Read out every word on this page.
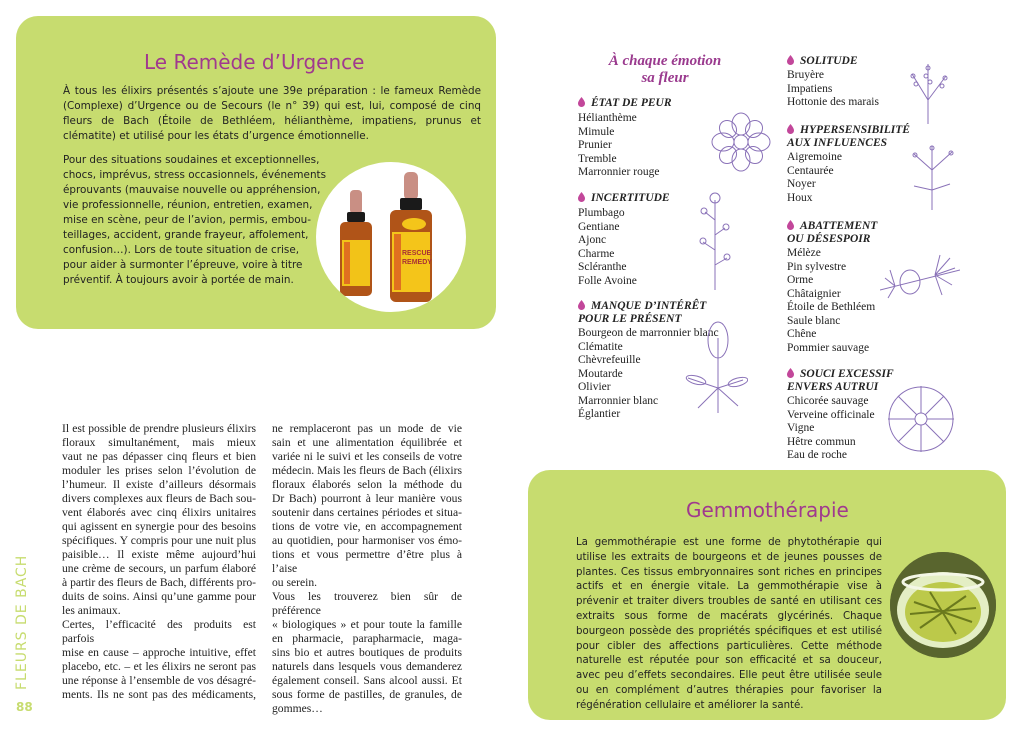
Le Remède d’Urgence
À tous les élixirs présentés s’ajoute une 39e préparation : le fameux Remède (Complexe) d’Urgence ou de Secours (le n° 39) qui est, lui, composé de cinq fleurs de Bach (Étoile de Bethléem, hélianthème, impatiens, prunus et clématite) et utilisé pour les états d’urgence émotionnelle.
Pour des situations soudaines et exceptionnelles,
chocs, imprévus, stress occasionnels, événements
éprouvants (mauvaise nouvelle ou appréhension,
vie professionnelle, réunion, entretien, examen,
mise en scène, peur de l’avion, permis, embou-
teillages, accident, grande frayeur, affolement,
confusion…). Lors de toute situation de crise,
pour aider à surmonter l’épreuve, voire à titre
préventif. À toujours avoir à portée de main.
RESCUE
REMEDY
Il est possible de prendre plusieurs élixirs
floraux simultanément, mais mieux
vaut ne pas dépasser cinq fleurs et bien
moduler les prises selon l’évolution de
l’humeur. Il existe d’ailleurs désormais
divers complexes aux fleurs de Bach sou-
vent élaborés avec cinq élixirs unitaires
qui agissent en synergie pour des besoins
spécifiques. Y compris pour une nuit plus
paisible… Il existe même aujourd’hui
une crème de secours, un parfum élaboré
à partir des fleurs de Bach, différents pro-
duits de soins. Ainsi qu’une gamme pour
les animaux.
Certes, l’efficacité des produits est parfois
mise en cause – approche intuitive, effet
placebo, etc. – et les élixirs ne seront pas
une réponse à l’ensemble de vos désagré-
ments. Ils ne sont pas des médicaments,
ne remplaceront pas un mode de vie
sain et une alimentation équilibrée et
variée ni le suivi et les conseils de votre
médecin. Mais les fleurs de Bach (élixirs
floraux élaborés selon la méthode du
Dr Bach) pourront à leur manière vous
soutenir dans certaines périodes et situa-
tions de votre vie, en accompagnement
au quotidien, pour harmoniser vos émo-
tions et vous permettre d’être plus à l’aise
ou serein.
Vous les trouverez bien sûr de préférence
« biologiques » et pour toute la famille
en pharmacie, parapharmacie, maga-
sins bio et autres boutiques de produits
naturels dans lesquels vous demanderez
également conseil. Sans alcool aussi. Et
sous forme de pastilles, de granules, de
gommes…
FLEURS DE BACH
88
À chaque émotion
sa fleur
ÉTAT DE PEUR
Hélianthème
Mimule
Prunier
Tremble
Marronnier rouge
INCERTITUDE
Plumbago
Gentiane
Ajonc
Charme
Scléranthe
Folle Avoine
MANQUE D’INTÉRÊT
POUR LE PRÉSENT
Bourgeon de marronnier blanc
Clématite
Chèvrefeuille
Moutarde
Olivier
Marronnier blanc
Églantier
SOLITUDE
Bruyère
Impatiens
Hottonie des marais
HYPERSENSIBILITÉ
AUX INFLUENCES
Aigremoine
Centaurée
Noyer
Houx
ABATTEMENT
OU DÉSESPOIR
Mélèze
Pin sylvestre
Orme
Châtaignier
Étoile de Bethléem
Saule blanc
Chêne
Pommier sauvage
SOUCI EXCESSIF
ENVERS AUTRUI
Chicorée sauvage
Verveine officinale
Vigne
Hêtre commun
Eau de roche
Gemmothérapie
La gemmothérapie est une forme de phytothérapie qui utilise les extraits de bourgeons et de jeunes pousses de plantes. Ces tissus embryonnaires sont riches en principes actifs et en énergie vitale. La gemmothérapie vise à prévenir et traiter divers troubles de santé en utilisant ces extraits sous forme de macérats glycérinés. Chaque bourgeon possède des propriétés spécifiques et est utilisé pour cibler des affections particulières. Cette méthode naturelle est réputée pour son efficacité et sa douceur, avec peu d’effets secondaires. Elle peut être utilisée seule ou en complément d’autres thérapies pour favoriser la régénération cellulaire et améliorer la santé.
